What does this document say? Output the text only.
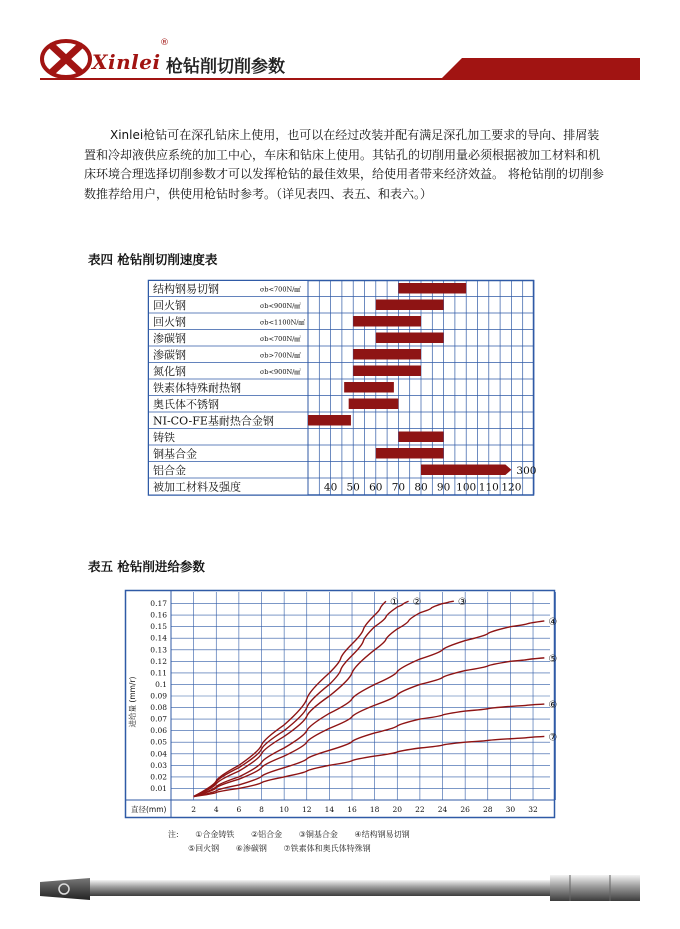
Xinlei
®
枪钻削切削参数

Xinlei枪钻可在深孔钻床上使用，也可以在经过改装并配有满足深孔加工要求的导向、排屑装置和冷却液供应系统的加工中心，车床和钻床上使用。其钻孔的切削用量必须根据被加工材料和机床环境合理选择切削参数才可以发挥枪钻的最佳效果，给使用者带来经济效益。 将枪钻削的切削参数推荐给用户，供使用枪钻时参考。（详见表四、表五、和表六。）

表四 枪钻削切削速度表
结构钢易切钢	σb<700N/㎟
回火钢	σb<900N/㎟
回火钢	σb<1100N/㎟
渗碳钢	σb<700N/㎟
渗碳钢	σb>700N/㎟
氮化钢	σb<900N/㎟
铁素体特殊耐热钢
奥氏体不锈钢
NI-CO-FE基耐热合金钢
铸铁
铜基合金
铝合金	300
被加工材料及强度	40 50 60 70 80 90 100 110 120
表五 枪钻削进给参数
0.01
0.02
0.03
0.04
0.05
0.06
0.07
0.08
0.09
0.1
0.11
0.12
0.13
0.14
0.15
0.16
0.17
2 4 6 8 10 12 14 16 18 20 22 24 26 28 30 32
直径(mm)
进给量 (mm/r)
① ②	③
④
⑤
⑥
⑦
注: ①合金铸铁 ②铝合金 ③铜基合金 ④结构钢易切钢
⑤回火钢 ⑥渗碳钢 ⑦铁素体和奥氏体特殊钢
